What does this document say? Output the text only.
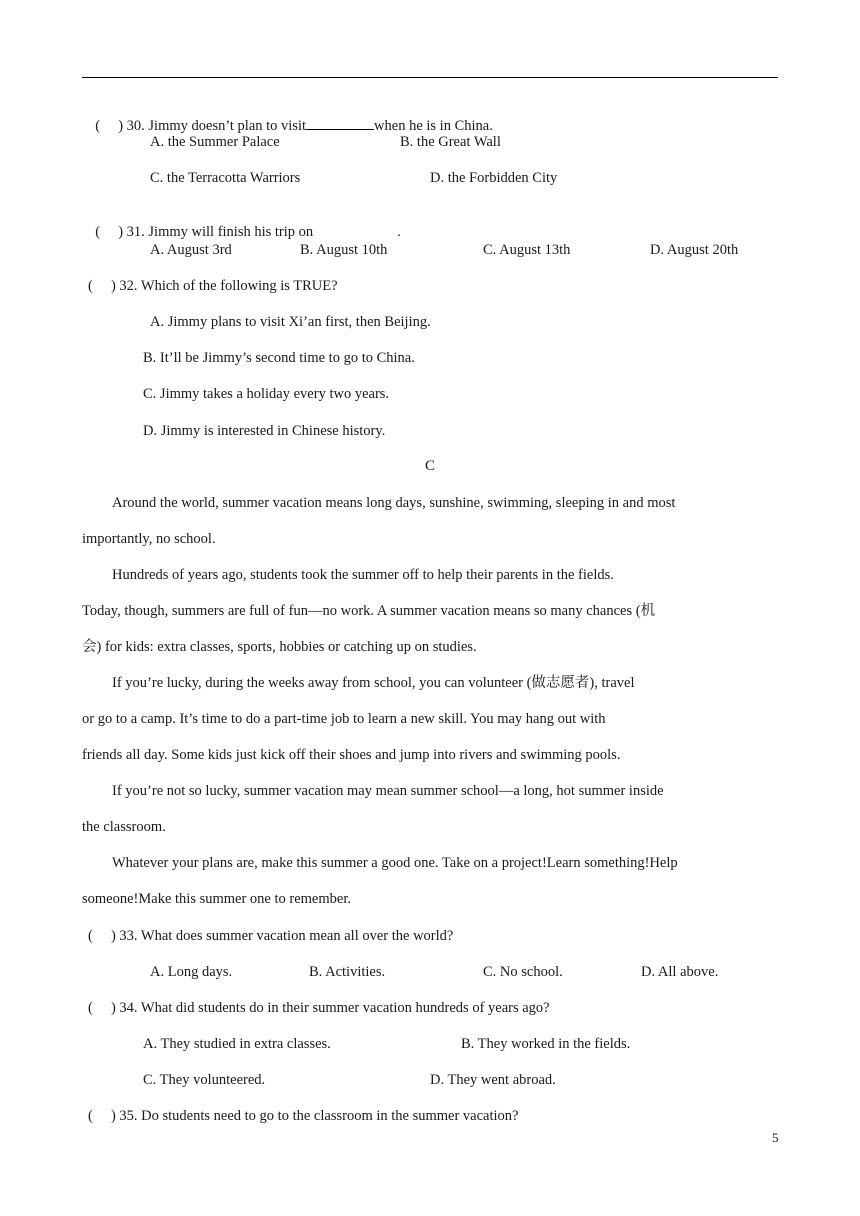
(     ) 30. Jimmy doesn’t plan to visit	when he is in China.

A. the Summer Palace	B. the Great Wall
C. the Terracotta Warriors	D. the Forbidden City

(     ) 31. Jimmy will finish his trip on	.

A. August 3rd	B. August 10th	C. August 13th	D. August 20th
(     ) 32. Which of the following is TRUE?
A. Jimmy plans to visit Xi’an first, then Beijing.
B. It’ll be Jimmy’s second time to go to China.
C. Jimmy takes a holiday every two years.
D. Jimmy is interested in Chinese history.
C
Around the world, summer vacation means long days, sunshine, swimming, sleeping in and most
importantly, no school.
Hundreds of years ago, students took the summer off to help their parents in the fields.
Today, though, summers are full of fun—no work. A summer vacation means so many chances (机
会) for kids: extra classes, sports, hobbies or catching up on studies.
If you’re lucky, during the weeks away from school, you can volunteer (做志愿者), travel
or go to a camp. It’s time to do a part-time job to learn a new skill. You may hang out with
friends all day. Some kids just kick off their shoes and jump into rivers and swimming pools.
If you’re not so lucky, summer vacation may mean summer school—a long, hot summer inside
the classroom.
Whatever your plans are, make this summer a good one. Take on a project!Learn something!Help
someone!Make this summer one to remember.
(     ) 33. What does summer vacation mean all over the world?
A. Long days.	B. Activities.	C. No school.	D. All above.
(     ) 34. What did students do in their summer vacation hundreds of years ago?
A. They studied in extra classes.	B. They worked in the fields.
C. They volunteered.	D. They went abroad.
(     ) 35. Do students need to go to the classroom in the summer vacation?
5
